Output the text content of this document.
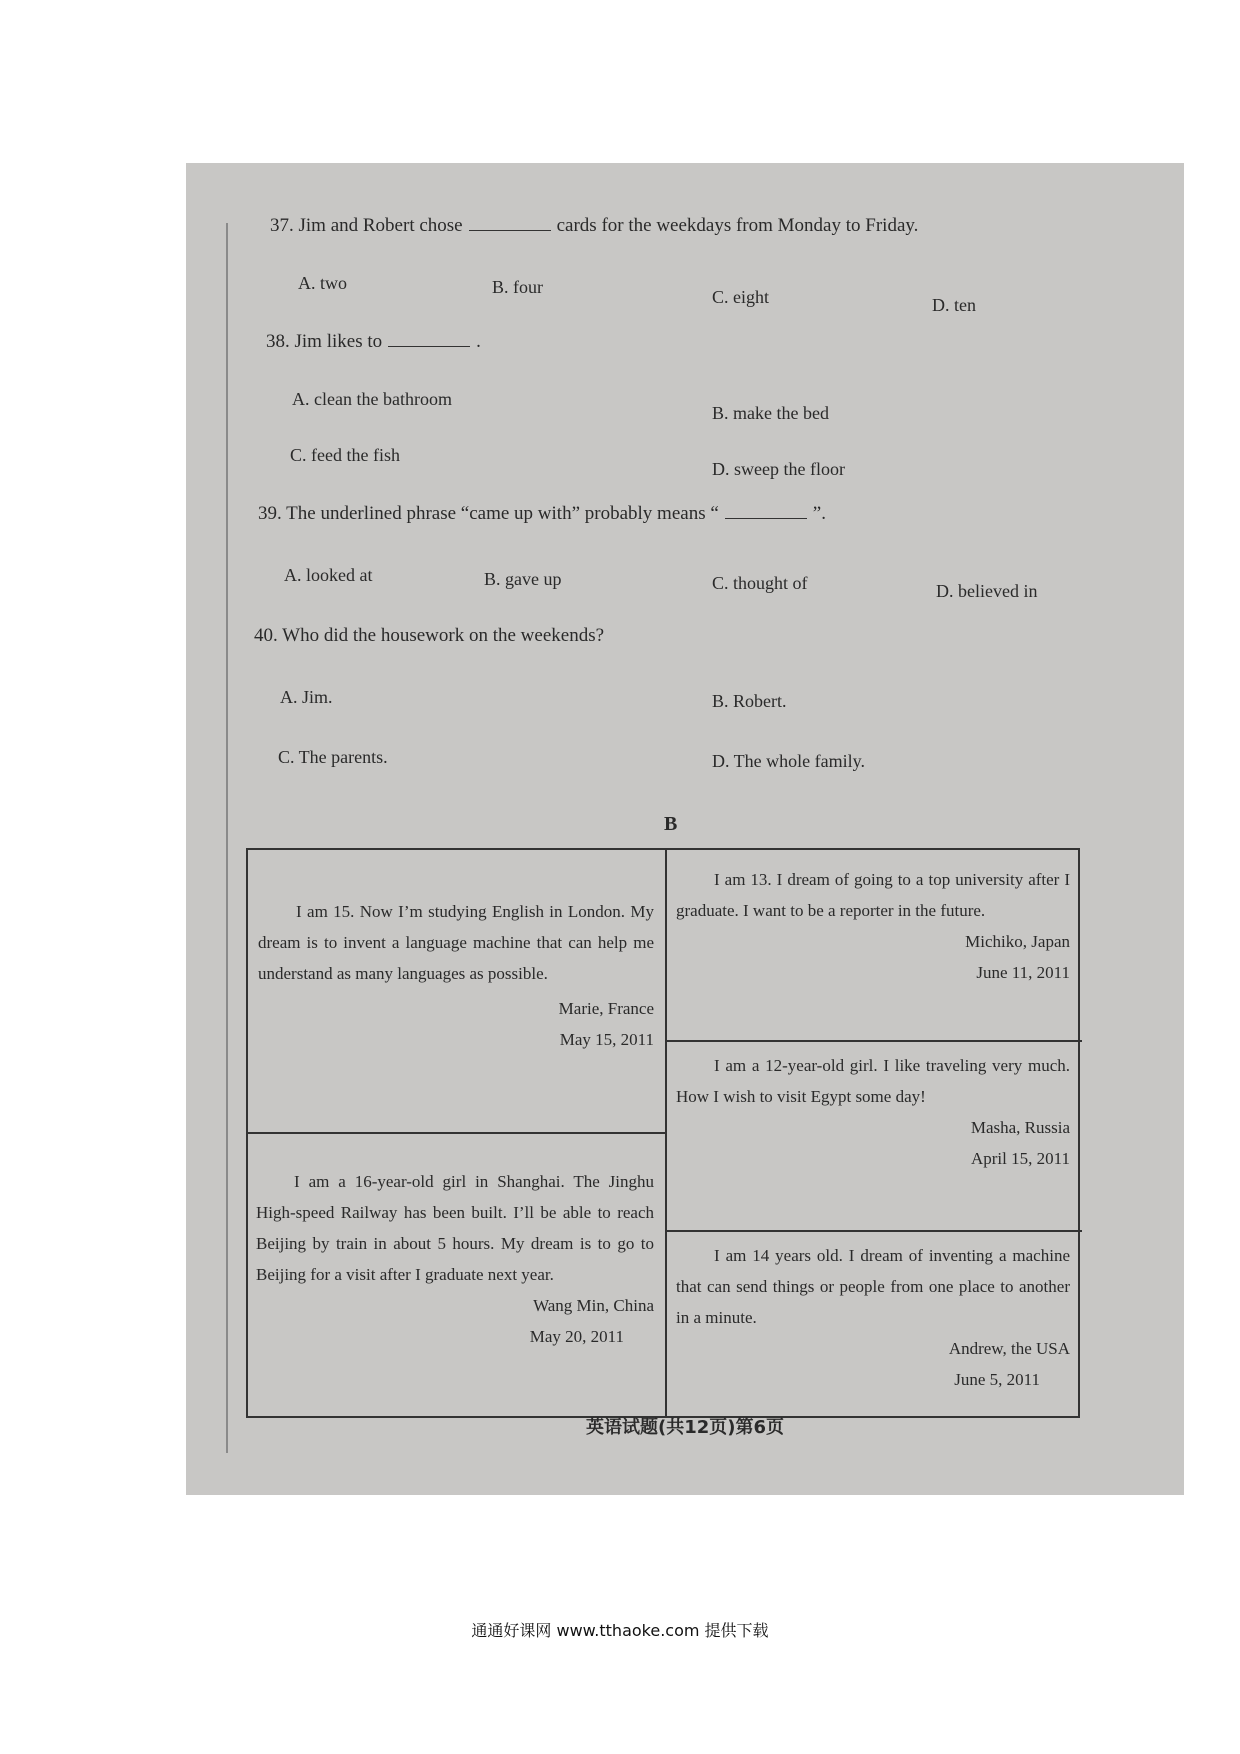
37. Jim and Robert chose	cards for the weekdays from Monday to Friday.
A. two	B. four	C. eight	D. ten
38. Jim likes to	.
A. clean the bathroom
B. make the bed
C. feed the fish
D. sweep the floor
39. The underlined phrase “came up with” probably means “	”.
A. looked at	B. gave up	C. thought of	D. believed in
40. Who did the housework on the weekends?
A. Jim.	B. Robert.
C. The parents.	D. The whole family.
B
I am 15. Now I’m studying English in London. My dream is to invent a language machine that can help me understand as many languages as possible.
Marie, France
May 15, 2011
I am a 16-year-old girl in Shanghai. The Jinghu High-speed Railway has been built. I’ll be able to reach Beijing by train in about 5 hours. My dream is to go to Beijing for a visit after I graduate next year.
Wang Min, China
May 20, 2011
I am 13. I dream of going to a top university after I graduate. I want to be a reporter in the future.
Michiko, Japan
June 11, 2011
I am a 12-year-old girl. I like traveling very much. How I wish to visit Egypt some day!
Masha, Russia
April 15, 2011
I am 14 years old. I dream of inventing a machine that can send things or people from one place to another in a minute.
Andrew, the USA
June 5, 2011
英语试题(共12页)第6页
通通好课网 www.tthaoke.com 提供下载
